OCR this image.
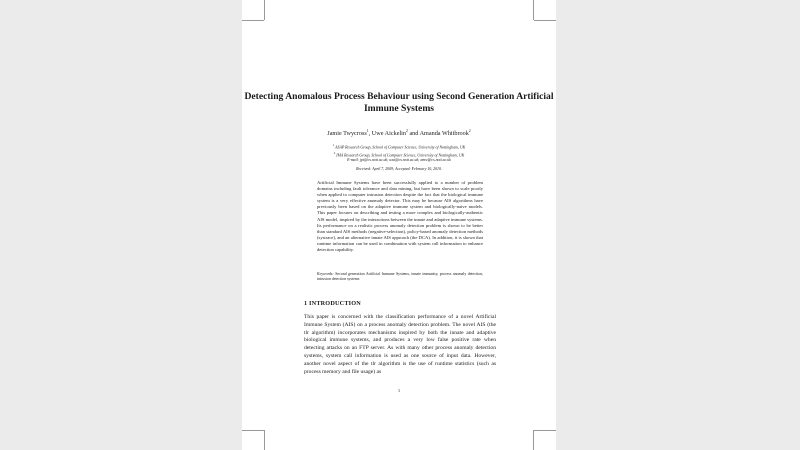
Detecting Anomalous Process Behaviour using Second Generation Artificial Immune Systems
Jamie Twycross$^1$, Uwe Aickelin$^2$ and Amanda Whitbrook$^2$
$^1$ ASAP Research Group, School of Computer Science, University of Nottingham, UK
$^2$ IMA Research Group, School of Computer Science, University of Nottingham, UK
E-mail: jpt@cs.nott.ac.uk; uxa@cs.nott.ac.uk; amw@cs.nott.ac.uk
Received: April 7, 2009; Accepted: February 10, 2010.
Artificial Immune Systems have been successfully applied to a number of problem domains including fault tolerance and data mining, but have been shown to scale poorly when applied to computer intrusion detection despite the fact that the biological immune system is a very effective anomaly detector. This may be because AIS algorithms have previously been based on the adaptive immune system and biologically-naive models. This paper focuses on describing and testing a more complex and biologically-authentic AIS model, inspired by the interactions between the innate and adaptive immune systems. Its performance on a realistic process anomaly detection problem is shown to be better than standard AIS methods (negative-selection), policy-based anomaly detection methods (systrace), and an alternative innate AIS approach (the DCA). In addition, it is shown that runtime information can be used in combination with system call information to enhance detection capability.
Keywords: Second generation Artificial Immune Systems, innate immunity, process anomaly detection, intrusion detection systems
1 INTRODUCTION
This paper is concerned with the classification performance of a novel Artificial Immune System (AIS) on a process anomaly detection problem. The novel AIS (the tlr algorithm) incorporates mechanisms inspired by both the innate and adaptive biological immune systems, and produces a very low false positive rate when detecting attacks on an FTP server. As with many other process anomaly detection systems, system call information is used as one source of input data. However, another novel aspect of the tlr algorithm is the use of runtime statistics (such as process memory and file usage) as
1
